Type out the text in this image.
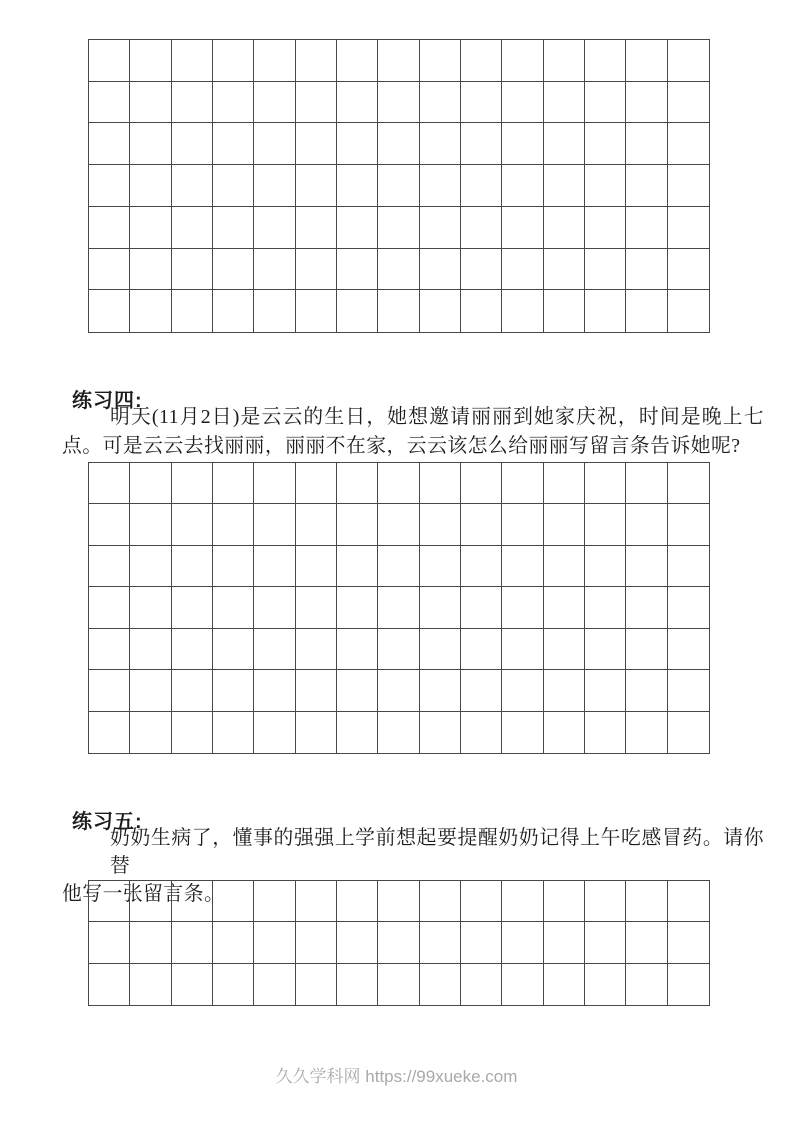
练习四:
明天(11月2日)是云云的生日，她想邀请丽丽到她家庆祝，时间是晚上七
点。可是云云去找丽丽，丽丽不在家，云云该怎么给丽丽写留言条告诉她呢?
练习五:
奶奶生病了，懂事的强强上学前想起要提醒奶奶记得上午吃感冒药。请你替
他写一张留言条。
久久学科网 https://99xueke.com
